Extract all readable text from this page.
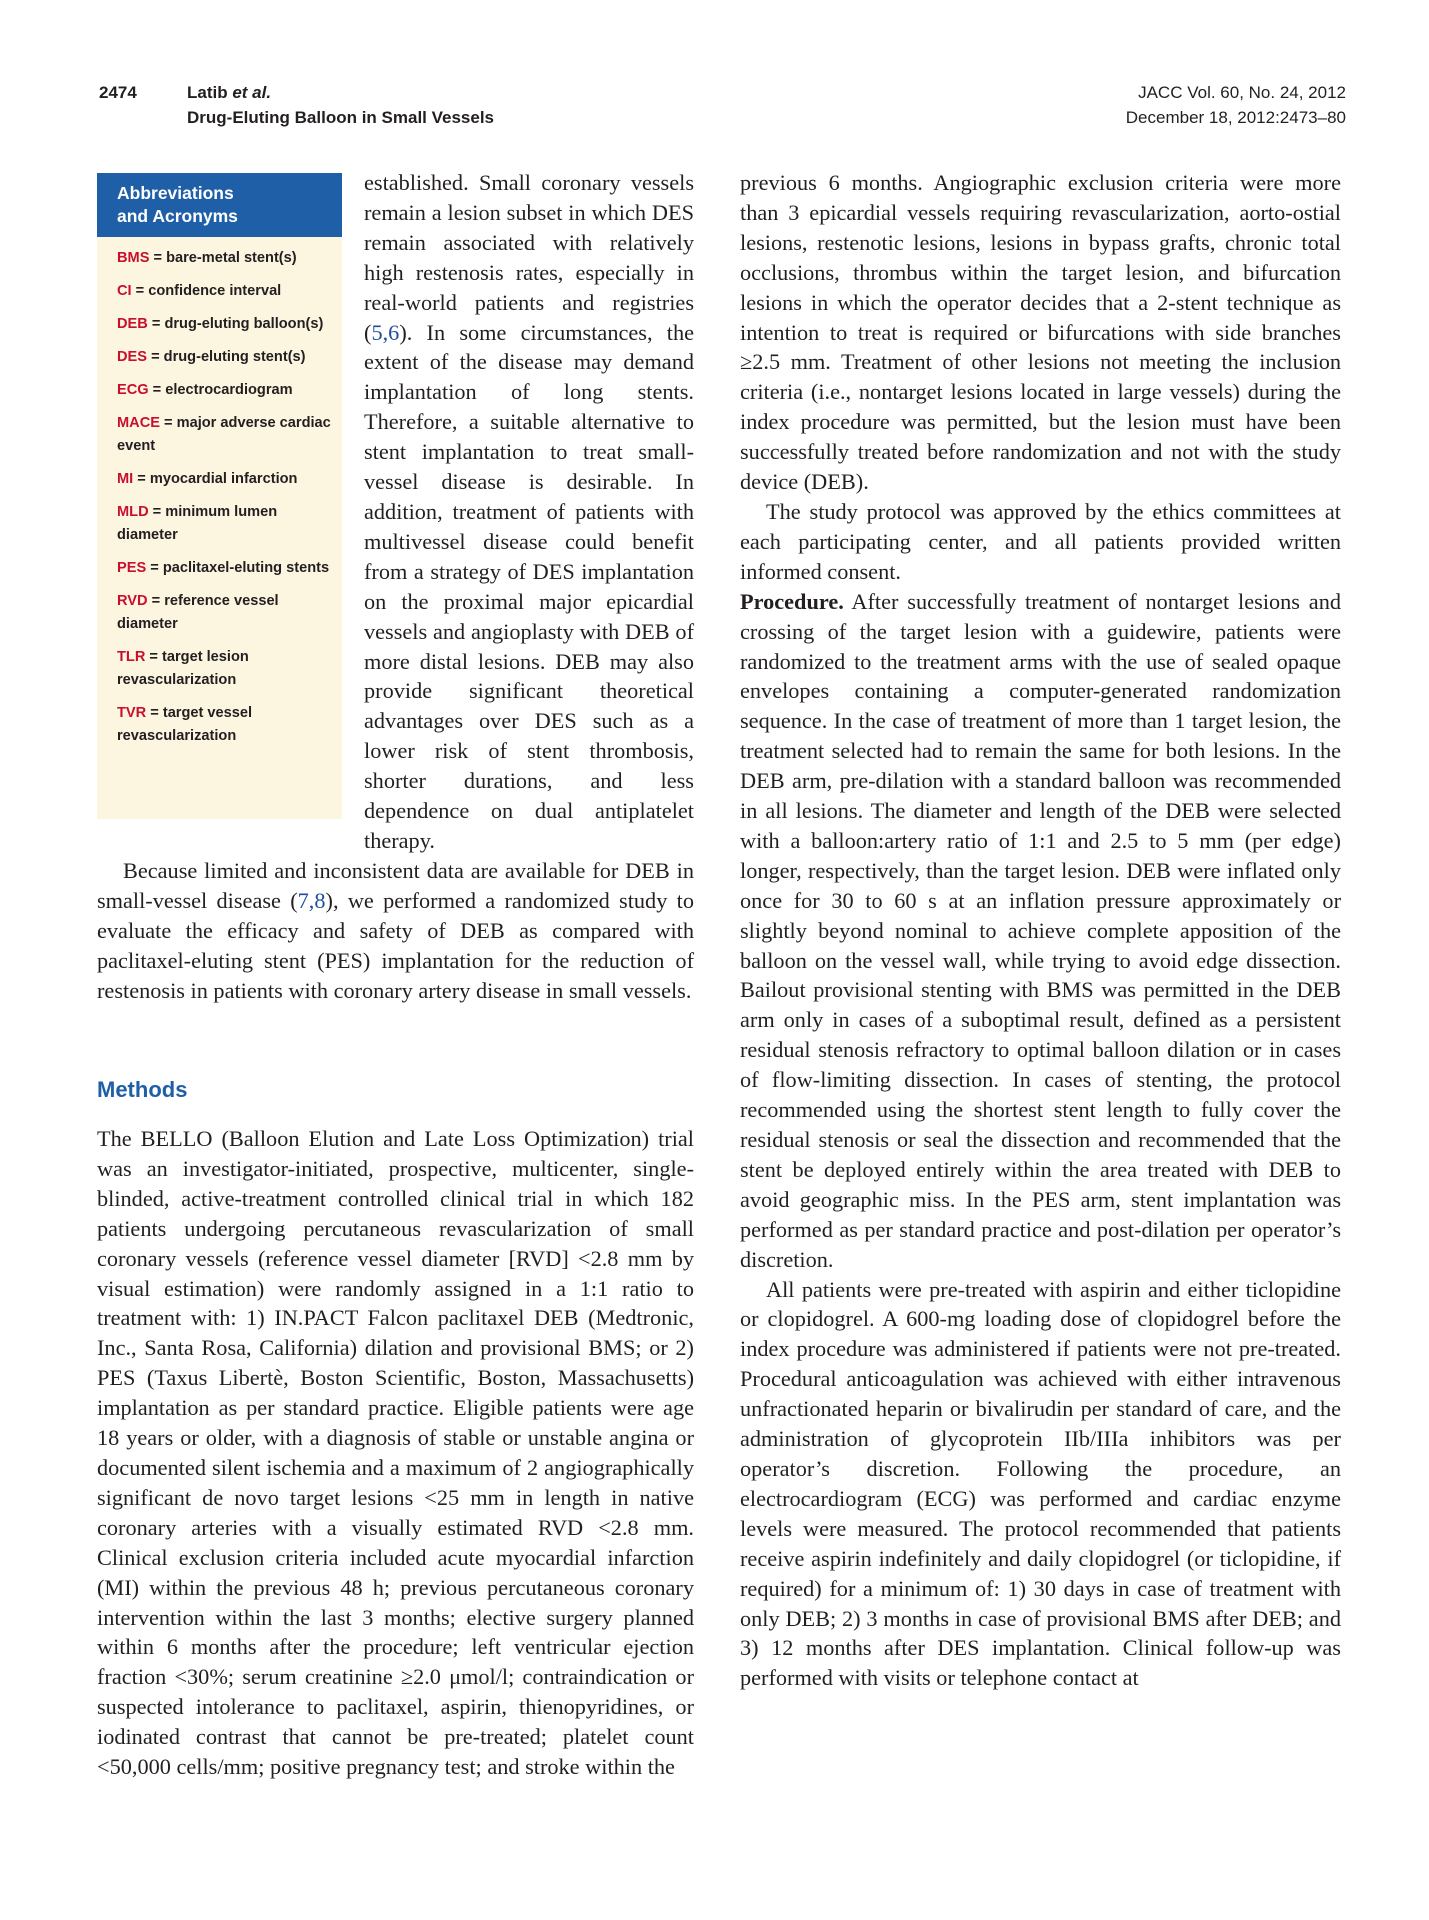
2474	Latib et al.
Drug-Eluting Balloon in Small Vessels
JACC Vol. 60, No. 24, 2012
December 18, 2012:2473–80
Abbreviations
and Acronyms
BMS = bare-metal stent(s)
CI = confidence interval
DEB = drug-eluting balloon(s)
DES = drug-eluting stent(s)
ECG = electrocardiogram
MACE = major adverse cardiac event
MI = myocardial infarction
MLD = minimum lumen diameter
PES = paclitaxel-eluting stents
RVD = reference vessel diameter
TLR = target lesion revascularization
TVR = target vessel revascularization

established. Small coronary vessels remain a lesion subset in which DES remain associated with relatively high restenosis rates, especially in real-world patients and registries (5,6). In some circumstances, the extent of the disease may demand implantation of long stents. Therefore, a suitable alternative to stent implantation to treat small-vessel disease is desirable. In addition, treatment of patients with multivessel disease could benefit from a strategy of DES implantation on the proximal major epicardial vessels and angioplasty with DEB of more distal lesions. DEB may also provide significant theoretical advantages over DES such as a lower risk of stent thrombosis, shorter durations, and less dependence on dual antiplatelet therapy.

Because limited and inconsistent data are available for DEB in small-vessel disease (7,8), we performed a randomized study to evaluate the efficacy and safety of DEB as compared with paclitaxel-eluting stent (PES) implantation for the reduction of restenosis in patients with coronary artery disease in small vessels.

Methods

The BELLO (Balloon Elution and Late Loss Optimization) trial was an investigator-initiated, prospective, multicenter, single-blinded, active-treatment controlled clinical trial in which 182 patients undergoing percutaneous revascularization of small coronary vessels (reference vessel diameter [RVD] <2.8 mm by visual estimation) were randomly assigned in a 1:1 ratio to treatment with: 1) IN.PACT Falcon paclitaxel DEB (Medtronic, Inc., Santa Rosa, California) dilation and provisional BMS; or 2) PES (Taxus Libertè, Boston Scientific, Boston, Massachusetts) implantation as per standard practice. Eligible patients were age 18 years or older, with a diagnosis of stable or unstable angina or documented silent ischemia and a maximum of 2 angiographically significant de novo target lesions <25 mm in length in native coronary arteries with a visually estimated RVD <2.8 mm. Clinical exclusion criteria included acute myocardial infarction (MI) within the previous 48 h; previous percutaneous coronary intervention within the last 3 months; elective surgery planned within 6 months after the procedure; left ventricular ejection fraction <30%; serum creatinine ≥2.0 μmol/l; contraindication or suspected intolerance to paclitaxel, aspirin, thienopyridines, or iodinated contrast that cannot be pre-treated; platelet count <50,000 cells/mm; positive pregnancy test; and stroke within the

previous 6 months. Angiographic exclusion criteria were more than 3 epicardial vessels requiring revascularization, aorto-ostial lesions, restenotic lesions, lesions in bypass grafts, chronic total occlusions, thrombus within the target lesion, and bifurcation lesions in which the operator decides that a 2-stent technique as intention to treat is required or bifurcations with side branches ≥2.5 mm. Treatment of other lesions not meeting the inclusion criteria (i.e., nontarget lesions located in large vessels) during the index procedure was permitted, but the lesion must have been successfully treated before randomization and not with the study device (DEB).

The study protocol was approved by the ethics committees at each participating center, and all patients provided written informed consent.

Procedure. After successfully treatment of nontarget lesions and crossing of the target lesion with a guidewire, patients were randomized to the treatment arms with the use of sealed opaque envelopes containing a computer-generated randomization sequence. In the case of treatment of more than 1 target lesion, the treatment selected had to remain the same for both lesions. In the DEB arm, pre-dilation with a standard balloon was recommended in all lesions. The diameter and length of the DEB were selected with a balloon:artery ratio of 1:1 and 2.5 to 5 mm (per edge) longer, respectively, than the target lesion. DEB were inflated only once for 30 to 60 s at an inflation pressure approximately or slightly beyond nominal to achieve complete apposition of the balloon on the vessel wall, while trying to avoid edge dissection. Bailout provisional stenting with BMS was permitted in the DEB arm only in cases of a suboptimal result, defined as a persistent residual stenosis refractory to optimal balloon dilation or in cases of flow-limiting dissection. In cases of stenting, the protocol recommended using the shortest stent length to fully cover the residual stenosis or seal the dissection and recommended that the stent be deployed entirely within the area treated with DEB to avoid geographic miss. In the PES arm, stent implantation was performed as per standard practice and post-dilation per operator’s discretion.

All patients were pre-treated with aspirin and either ticlopidine or clopidogrel. A 600-mg loading dose of clopidogrel before the index procedure was administered if patients were not pre-treated. Procedural anticoagulation was achieved with either intravenous unfractionated heparin or bivalirudin per standard of care, and the administration of glycoprotein IIb/IIIa inhibitors was per operator’s discretion. Following the procedure, an electrocardiogram (ECG) was performed and cardiac enzyme levels were measured. The protocol recommended that patients receive aspirin indefinitely and daily clopidogrel (or ticlopidine, if required) for a minimum of: 1) 30 days in case of treatment with only DEB; 2) 3 months in case of provisional BMS after DEB; and 3) 12 months after DES implantation. Clinical follow-up was performed with visits or telephone contact at
